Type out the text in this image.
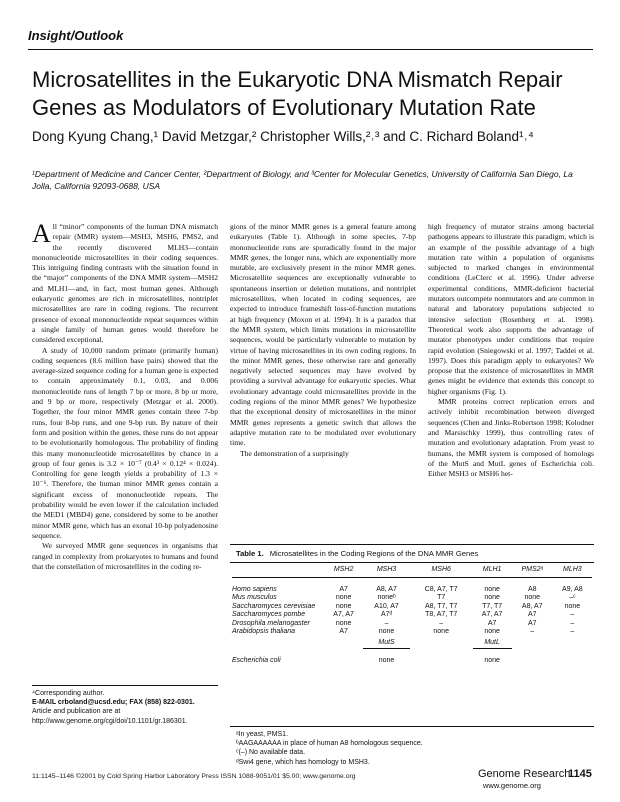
Insight/Outlook
Microsatellites in the Eukaryotic DNA Mismatch Repair Genes as Modulators of Evolutionary Mutation Rate
Dong Kyung Chang,¹ David Metzgar,² Christopher Wills,²˒³ and C. Richard Boland¹˒⁴
¹Department of Medicine and Cancer Center, ²Department of Biology, and ³Center for Molecular Genetics, University of California San Diego, La Jolla, California 92093-0688, USA

All “minor” components of the human DNA mismatch repair (MMR) system—MSH3, MSH6, PMS2, and the recently discovered MLH3—contain mononucleotide microsatellites in their coding sequences. This intriguing finding contrasts with the situation found in the “major” components of the DNA MMR system—MSH2 and MLH1—and, in fact, most human genes. Although eukaryotic genomes are rich in microsatellites, nontriplet microsatellites are rare in coding regions. The recurrent presence of exonal mononucleotide repeat sequences within a single family of human genes would therefore be considered exceptional.

A study of 10,000 random primate (primarily human) coding sequences (8.6 million base pairs) showed that the average-sized sequence coding for a human gene is expected to contain approximately 0.1, 0.03, and 0.006 mononucleotide runs of length 7 bp or more, 8 bp or more, and 9 bp or more, respectively (Metzgar et al. 2000). Together, the four minor MMR genes contain three 7-bp runs, four 8-bp runs, and one 9-bp run. By nature of their form and position within the genes, these runs do not appear to be evolutionarily homologous. The probability of finding this many mononucleotide microsatellites by chance in a group of four genes is 3.2 × 10⁻⁷ (0.4³ × 0.12⁴ × 0.024). Controlling for gene length yields a probability of 1.3 × 10⁻⁶. Therefore, the human minor MMR genes contain a significant excess of mononucleotide repeats. The probability would be even lower if the calculation included the MED1 (MBD4) gene, considered by some to be another minor MMR gene, which has an exonal 10-bp polyadenosine sequence.

We surveyed MMR gene sequences in organisms that ranged in complexity from prokaryotes to humans and found that the constellation of microsatellites in the coding re-

⁴Corresponding author.
E-MAIL crboland@ucsd.edu; FAX (858) 822-0301.
Article and publication are at http://www.genome.org/cgi/doi/10.1101/gr.186301.

gions of the minor MMR genes is a general feature among eukaryotes (Table 1). Although in some species, 7-bp mononucleotide runs are sporadically found in the major MMR genes, the longer runs, which are exponentially more mutable, are exclusively present in the minor MMR genes. Microsatellite sequences are exceptionally vulnerable to spontaneous insertion or deletion mutations, and nontriplet microsatellites, when located in coding sequences, are expected to introduce frameshift loss-of-function mutations at high frequency (Moxon et al. 1994). It is a paradox that the MMR system, which limits mutations in microsatellite sequences, would be particularly vulnerable to mutation by virtue of having microsatellites in its own coding regions. In the minor MMR genes, these otherwise rare and generally negatively selected sequences may have evolved by providing a survival advantage for eukaryotic species. What evolutionary advantage could microsatellites provide in the coding regions of the minor MMR genes? We hypothesize that the exceptional density of microsatellites in the minor MMR genes represents a genetic switch that allows the adaptive mutation rate to be modulated over evolutionary time.

The demonstration of a surprisingly

high frequency of mutator strains among bacterial pathogens appears to illustrate this paradigm, which is an example of the possible advantage of a high mutation rate within a population of organisms subjected to marked changes in environmental conditions (LeClerc et al. 1996). Under adverse experimental conditions, MMR-deficient bacterial mutators outcompete nonmutators and are common in natural and laboratory populations subjected to intensive selection (Rosenberg et al. 1998). Theoretical work also supports the advantage of mutator phenotypes under conditions that require rapid evolution (Sniegowski et al. 1997; Taddei et al. 1997). Does this paradigm apply to eukaryotes? We propose that the existence of microsatellites in MMR genes might be evidence that extends this concept to higher organisms (Fig. 1).

MMR proteins correct replication errors and actively inhibit recombination between diverged sequences (Chen and Jinks-Robertson 1998; Kolodner and Marsischky 1999), thus controlling rates of mutation and evolutionary adaptation. From yeast to humans, the MMR system is composed of homologs of the MutS and MutL genes of Escherichia coli. Either MSH3 or MSH6 het-

Table 1. Microsatellites in the Coding Regions of the DNA MMR Genes
	MSH2	MSH3	MSH6	MLH1	PMS2ᵃ	MLH3

Homo sapiens	A7	A8, A7	C8, A7, T7	none	A8	A9, A8
Mus musculus	none	noneᵇ	T7	none	none	–ᶜ
Saccharomyces cerevisiae	none	A10, A7	A8, T7, T7	T7, T7	A8, A7	none
Saccharomyces pombe	A7, A7	A7ᵈ	T8, A7, T7	A7, A7	A7	–
Drosophila melanogaster	none	–	–	A7	A7	–
Arabidopsis thaliana	A7	none	none	none	–	–
		MutS		MutL		

Escherichia coli		none		none		
ᵃIn yeast, PMS1.
ᵇAAGAAAAAA in place of human A8 homologous sequence.
ᶜ(–) No available data.
ᵈSwi4 gene, which has homology to MSH3.
11:1145–1146 ©2001 by Cold Spring Harbor Laboratory Press ISSN 1088-9051/01 $5.00; www.genome.org	Genome Research
1145
www.genome.org
